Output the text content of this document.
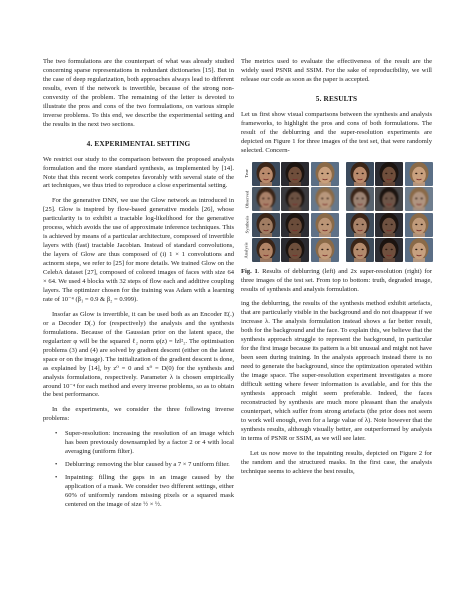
The two formulations are the counterpart of what was already studied concerning sparse representations in redundant dictionaries [15]. But in the case of deep regularization, both approaches always lead to different results, even if the network is invertible, because of the strong non-convexity of the problem. The remaining of the letter is devoted to illustrate the pros and cons of the two formulations, on various simple inverse problems. To this end, we describe the experimental setting and the results in the next two sections.

4. EXPERIMENTAL SETTING

We restrict our study to the comparison between the proposed analysis formulation and the more standard synthesis, as implemented by [14]. Note that this recent work competes favorably with several state of the art techniques, we thus tried to reproduce a close experimental setting.

For the generative DNN, we use the Glow network as introduced in [25]. Glow is inspired by flow-based generative models [26], whose particularity is to exhibit a tractable log-likelihood for the generative process, which avoids the use of approximate inference techniques. This is achieved by means of a particular architecture, composed of invertible layers with (fast) tractable Jacobian. Instead of standard convolutions, the layers of Glow are thus composed of (i) 1 × 1 convolutions and actnorm steps, we refer to [25] for more details. We trained Glow on the CelebA dataset [27], composed of colored images of faces with size 64 × 64. We used 4 blocks with 32 steps of flow each and additive coupling layers. The optimizer chosen for the training was Adam with a learning rate of 10⁻⁴ (β₁ = 0.9 & β₂ = 0.999).

Insofar as Glow is invertible, it can be used both as an Encoder E(.) or a Decoder D(.) for (respectively) the analysis and the synthesis formulations. Because of the Gaussian prior on the latent space, the regularizer φ will be the squared ℓ₂ norm φ(z) = ‖z‖²₂. The optimisation problems (3) and (4) are solved by gradient descent (either on the latent space or on the image). The initialization of the gradient descent is done, as explained by [14], by z⁰ = 0 and x⁰ = D(0) for the synthesis and analysis formulations, respectively. Parameter λ is chosen empirically around 10⁻⁴ for each method and every inverse problems, so as to obtain the best performance.

In the experiments, we consider the three following inverse problems:

• Super-resolution: increasing the resolution of an image which has been previously downsampled by a factor 2 or 4 with local averaging (uniform filter).
• Deblurring: removing the blur caused by a 7 × 7 uniform filter.
• Inpainting: filling the gaps in an image caused by the application of a mask. We consider two different settings, either 60% of uniformly random missing pixels or a squared mask centered on the image of size ½ × ½.

The metrics used to evaluate the effectiveness of the result are the widely used PSNR and SSIM. For the sake of reproducibility, we will release our code as soon as the paper is accepted.

5. RESULTS

Let us first show visual comparisons between the synthesis and analysis frameworks, to highlight the pros and cons of both formulations. The result of the deblurring and the super-resolution experiments are depicted on Figure 1 for three images of the test set, that were randomly selected. Concern-

True
Observed
Synthesis
Analysis
Fig. 1. Results of deblurring (left) and 2x super-resolution (right) for three images of the test set. From top to bottom: truth, degraded image, results of synthesis and analysis formulation.

ing the deblurring, the results of the synthesis method exhibit artefacts, that are particularly visible in the background and do not disappear if we increase λ. The analysis formulation instead shows a far better result, both for the background and the face. To explain this, we believe that the synthesis approach struggle to represent the background, in particular for the first image because its pattern is a bit unusual and might not have been seen during training. In the analysis approach instead there is no need to generate the background, since the optimization operated within the image space. The super-resolution experiment investigates a more difficult setting where fewer information is available, and for this the synthesis approach might seem preferable. Indeed, the faces reconstructed by synthesis are much more pleasant than the analysis counterpart, which suffer from strong artefacts (the prior does not seem to work well enough, even for a large value of λ). Note however that the synthesis results, although visually better, are outperformed by analysis in terms of PSNR or SSIM, as we will see later.

Let us now move to the inpainting results, depicted on Figure 2 for the random and the structured masks. In the first case, the analysis technique seems to achieve the best results,
